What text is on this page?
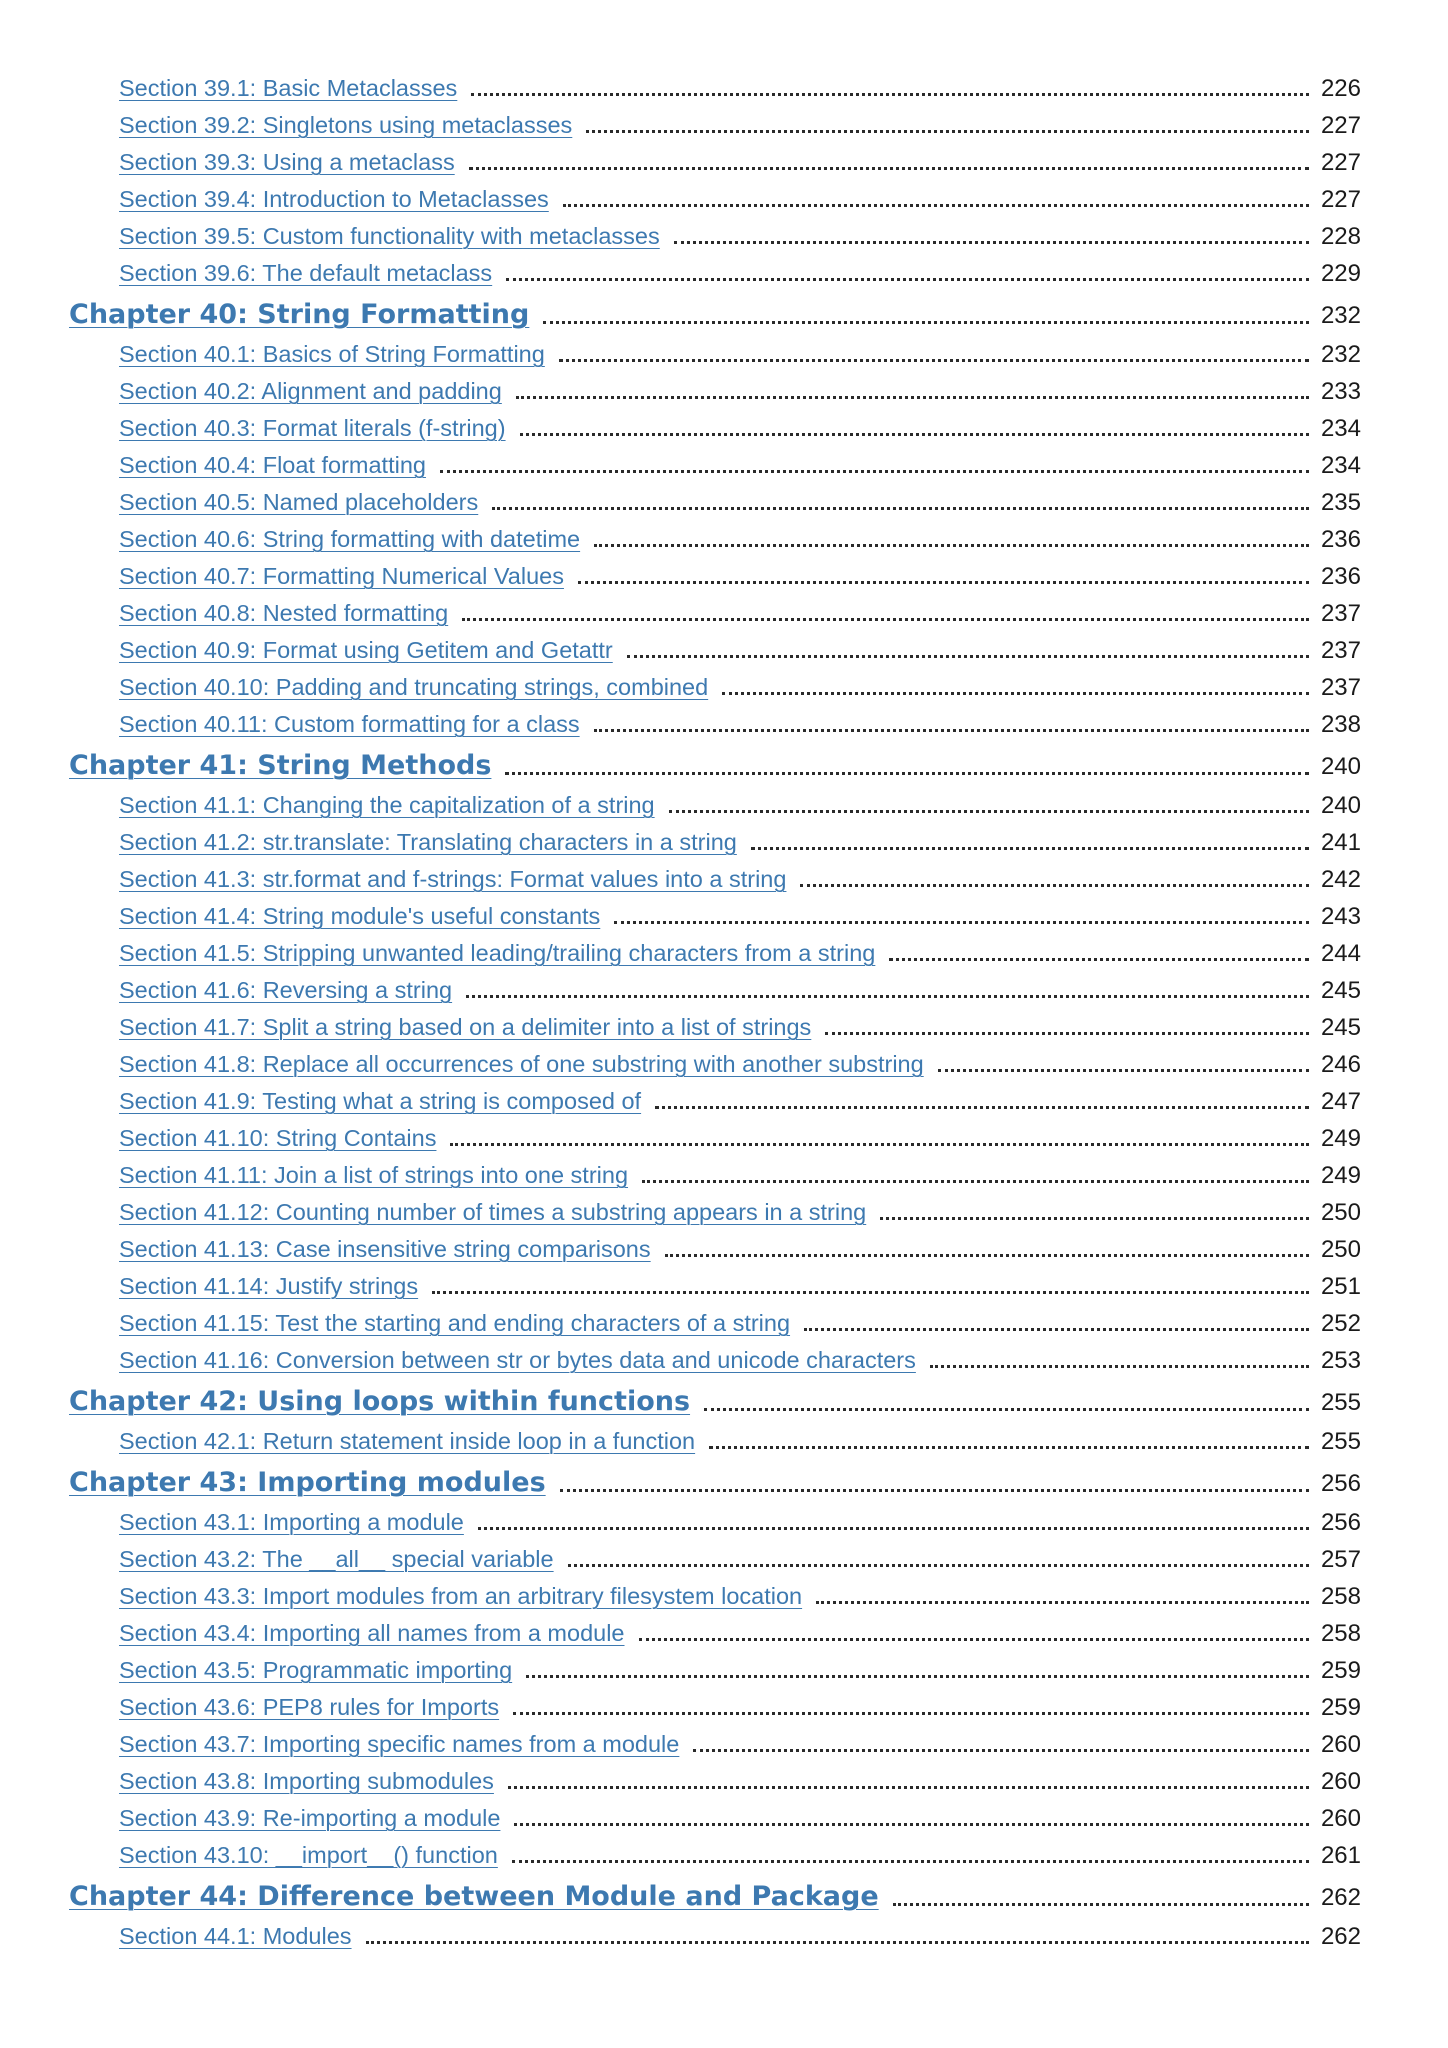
Section 39.1: Basic Metaclasses	226
Section 39.2: Singletons using metaclasses	227
Section 39.3: Using a metaclass	227
Section 39.4: Introduction to Metaclasses	227
Section 39.5: Custom functionality with metaclasses	228
Section 39.6: The default metaclass	229
Chapter 40: String Formatting	232
Section 40.1: Basics of String Formatting	232
Section 40.2: Alignment and padding	233
Section 40.3: Format literals (f-string)	234
Section 40.4: Float formatting	234
Section 40.5: Named placeholders	235
Section 40.6: String formatting with datetime	236
Section 40.7: Formatting Numerical Values	236
Section 40.8: Nested formatting	237
Section 40.9: Format using Getitem and Getattr	237
Section 40.10: Padding and truncating strings, combined	237
Section 40.11: Custom formatting for a class	238
Chapter 41: String Methods	240
Section 41.1: Changing the capitalization of a string	240
Section 41.2: str.translate: Translating characters in a string	241
Section 41.3: str.format and f-strings: Format values into a string	242
Section 41.4: String module's useful constants	243
Section 41.5: Stripping unwanted leading/trailing characters from a string	244
Section 41.6: Reversing a string	245
Section 41.7: Split a string based on a delimiter into a list of strings	245
Section 41.8: Replace all occurrences of one substring with another substring	246
Section 41.9: Testing what a string is composed of	247
Section 41.10: String Contains	249
Section 41.11: Join a list of strings into one string	249
Section 41.12: Counting number of times a substring appears in a string	250
Section 41.13: Case insensitive string comparisons	250
Section 41.14: Justify strings	251
Section 41.15: Test the starting and ending characters of a string	252
Section 41.16: Conversion between str or bytes data and unicode characters	253
Chapter 42: Using loops within functions	255
Section 42.1: Return statement inside loop in a function	255
Chapter 43: Importing modules	256
Section 43.1: Importing a module	256
Section 43.2: The __all__ special variable	257
Section 43.3: Import modules from an arbitrary filesystem location	258
Section 43.4: Importing all names from a module	258
Section 43.5: Programmatic importing	259
Section 43.6: PEP8 rules for Imports	259
Section 43.7: Importing specific names from a module	260
Section 43.8: Importing submodules	260
Section 43.9: Re-importing a module	260
Section 43.10: __import__() function	261
Chapter 44: Difference between Module and Package	262
Section 44.1: Modules	262
